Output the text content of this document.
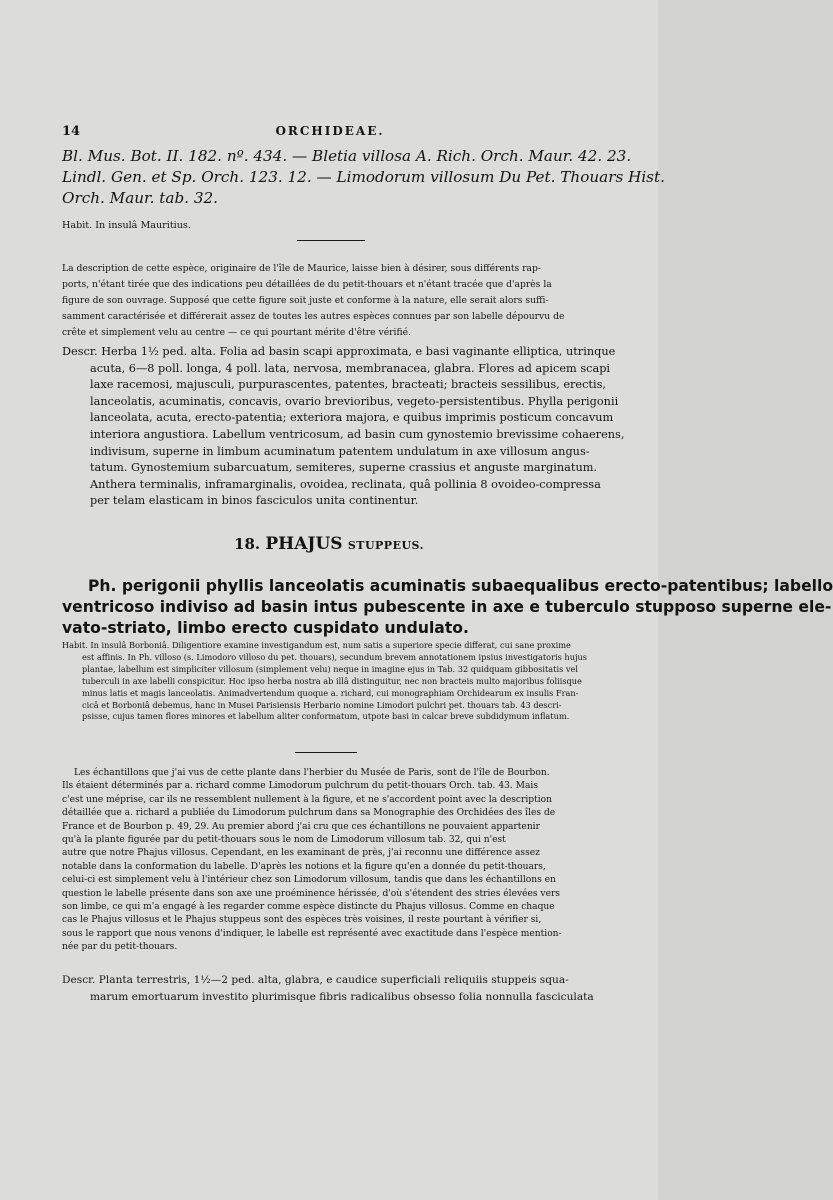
14	ORCHIDEAE.
Bl. Mus. Bot. II. 182. nº. 434. — Bletia villosa A. Rich. Orch. Maur. 42. 23.
Lindl. Gen. et Sp. Orch. 123. 12. — Limodorum villosum Du Pet. Thouars Hist.
Orch. Maur. tab. 32.
Habit. In insulâ Mauritius.
La description de cette espèce, originaire de l'île de Maurice, laisse bien à désirer, sous différents rap-
ports, n'étant tirée que des indications peu détaillées de du petit-thouars et n'étant tracée que d'après la
figure de son ouvrage. Supposé que cette figure soit juste et conforme à la nature, elle serait alors suffi-
samment caractérisée et différerait assez de toutes les autres espèces connues par son labelle dépourvu de
crête et simplement velu au centre — ce qui pourtant mérite d'être vérifié.
Descr. Herba 1½ ped. alta. Folia ad basin scapi approximata, e basi vaginante elliptica, utrinque
acuta, 6—8 poll. longa, 4 poll. lata, nervosa, membranacea, glabra. Flores ad apicem scapi
laxe racemosi, majusculi, purpurascentes, patentes, bracteati; bracteis sessilibus, erectis,
lanceolatis, acuminatis, concavis, ovario brevioribus, vegeto-persistentibus. Phylla perigonii
lanceolata, acuta, erecto-patentia; exteriora majora, e quibus imprimis posticum concavum
interiora angustiora. Labellum ventricosum, ad basin cum gynostemio brevissime cohaerens,
indivisum, superne in limbum acuminatum patentem undulatum in axe villosum angus-
tatum. Gynostemium subarcuatum, semiteres, superne crassius et anguste marginatum.
Anthera terminalis, inframarginalis, ovoidea, reclinata, quâ pollinia 8 ovoideo-compressa
per telam elasticam in binos fasciculos unita continentur.
18. PHAJUS STUPPEUS.
Ph. perigonii phyllis lanceolatis acuminatis subaequalibus erecto-patentibus; labello
ventricoso indiviso ad basin intus pubescente in axe e tuberculo stupposo superne ele-
vato-striato, limbo erecto cuspidato undulato.
Habit. In insulâ Borboniâ. Diligentiore examine investigandum est, num satis a superiore specie differat, cui sane proxime
est affinis. In Ph. villoso (s. Limodoro villoso du pet. thouars), secundum brevem annotationem ipsius investigatoris hujus
plantae, labellum est simpliciter villosum (simplement velu) neque in imagine ejus in Tab. 32 quidquam gibbositatis vel
tuberculi in axe labelli conspicitur. Hoc ipso herba nostra ab illâ distinguitur, nec non bracteis multo majoribus foliisque
minus latis et magis lanceolatis. Animadvertendum quoque a. richard, cui monographiam Orchidearum ex insulis Fran-
cicâ et Borboniâ debemus, hanc in Musei Parisiensis Herbario nomine Limodori pulchri pet. thouars tab. 43 descri-
psisse, cujus tamen flores minores et labellum aliter conformatum, utpote basi in calcar breve subdidymum inflatum.
Les échantillons que j'ai vus de cette plante dans l'herbier du Musée de Paris, sont de l'île de Bourbon.
Ils étaient déterminés par a. richard comme Limodorum pulchrum du petit-thouars Orch. tab. 43. Mais
c'est une méprise, car ils ne ressemblent nullement à la figure, et ne s'accordent point avec la description
détaillée que a. richard a publiée du Limodorum pulchrum dans sa Monographie des Orchidées des îles de
France et de Bourbon p. 49, 29. Au premier abord j'ai cru que ces échantillons ne pouvaient appartenir
qu'à la plante figurée par du petit-thouars sous le nom de Limodorum villosum tab. 32, qui n'est
autre que notre Phajus villosus. Cependant, en les examinant de près, j'ai reconnu une différence assez
notable dans la conformation du labelle. D'après les notions et la figure qu'en a donnée du petit-thouars,
celui-ci est simplement velu à l'intérieur chez son Limodorum villosum, tandis que dans les échantillons en
question le labelle présente dans son axe une proéminence hérissée, d'où s'étendent des stries élevées vers
son limbe, ce qui m'a engagé à les regarder comme espèce distincte du Phajus villosus. Comme en chaque
cas le Phajus villosus et le Phajus stuppeus sont des espèces très voisines, il reste pourtant à vérifier si,
sous le rapport que nous venons d'indiquer, le labelle est représenté avec exactitude dans l'espèce mention-
née par du petit-thouars.
Descr. Planta terrestris, 1½—2 ped. alta, glabra, e caudice superficiali reliquiis stuppeis squa-
marum emortuarum investito plurimisque fibris radicalibus obsesso folia nonnulla fasciculata
